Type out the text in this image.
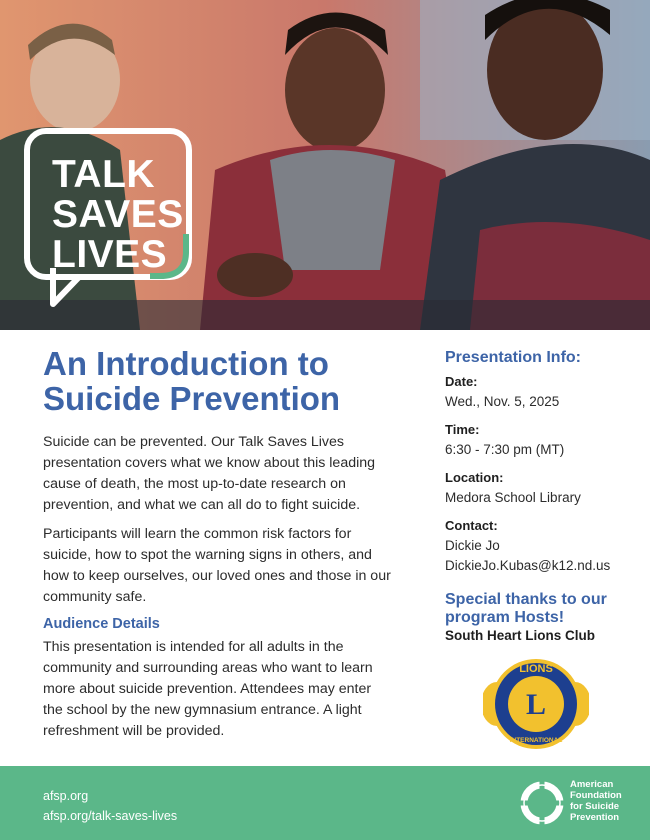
TALK
SAVES
LIVES
An Introduction to
Suicide Prevention
Suicide can be prevented. Our Talk Saves Lives
presentation covers what we know about this leading
cause of death, the most up-to-date research on
prevention, and what we can all do to fight suicide.
Participants will learn the common risk factors for
suicide, how to spot the warning signs in others, and
how to keep ourselves, our loved ones and those in our
community safe.
Audience Details
This presentation is intended for all adults in the
community and surrounding areas who want to learn
more about suicide prevention. Attendees may enter
the school by the new gymnasium entrance. A light
refreshment will be provided.
Presentation Info:
Date:
Wed., Nov. 5, 2025
Time:
6:30 - 7:30 pm (MT)
Location:
Medora School Library
Contact:
Dickie Jo
DickieJo.Kubas@k12.nd.us
Special thanks to our
program Hosts!
South Heart Lions Club
L
LIONS
INTERNATIONAL
afsp.org
afsp.org/talk-saves-lives
American
Foundation
for Suicide
Prevention
